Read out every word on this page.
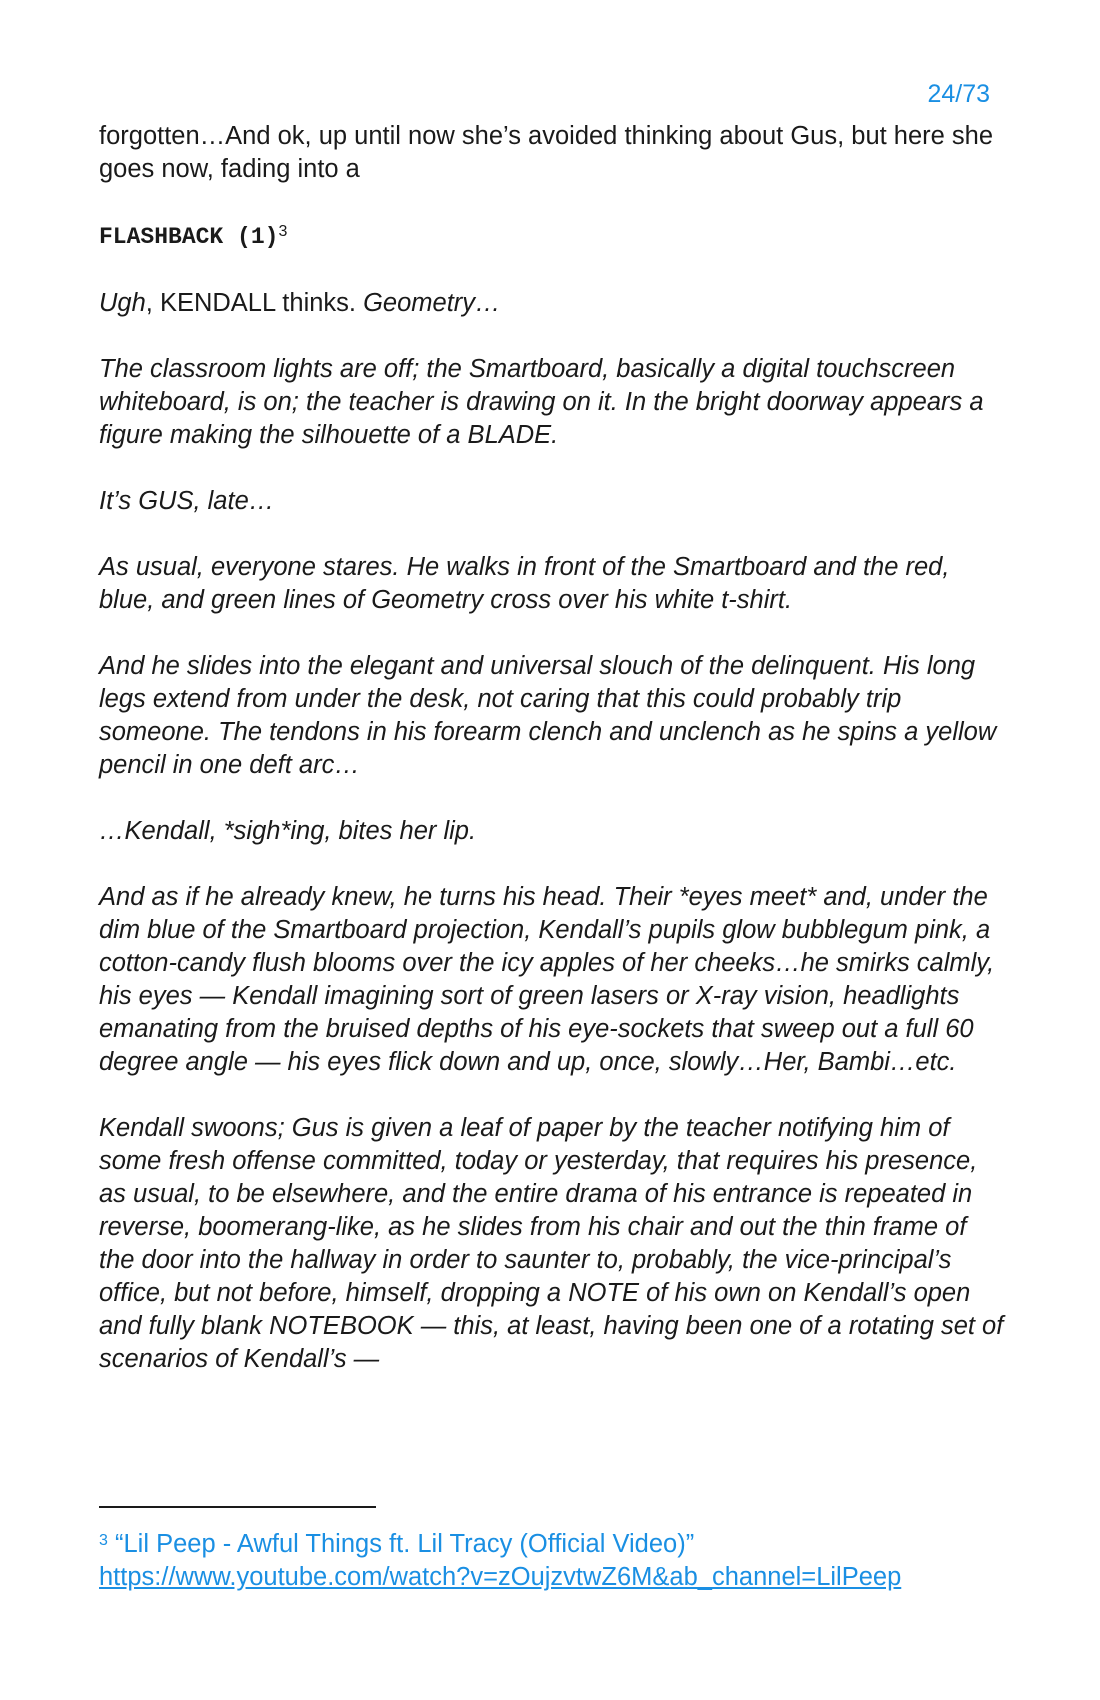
24/73

forgotten…And ok, up until now she’s avoided thinking about Gus, but here she goes now, fading into a

FLASHBACK $(1)^3$

Ugh, KENDALL thinks. Geometry…

The classroom lights are off; the Smartboard, basically a digital touchscreen whiteboard, is on; the teacher is drawing on it. In the bright doorway appears a figure making the silhouette of a BLADE.

It’s GUS, late…

As usual, everyone stares. He walks in front of the Smartboard and the red, blue, and green lines of Geometry cross over his white t-shirt.

And he slides into the elegant and universal slouch of the delinquent. His long legs extend from under the desk, not caring that this could probably trip someone. The tendons in his forearm clench and unclench as he spins a yellow pencil in one deft arc…

…Kendall, *sigh*ing, bites her lip.

And as if he already knew, he turns his head. Their *eyes meet* and, under the dim blue of the Smartboard projection, Kendall’s pupils glow bubblegum pink, a cotton-candy flush blooms over the icy apples of her cheeks…he smirks calmly, his eyes — Kendall imagining sort of green lasers or X-ray vision, headlights emanating from the bruised depths of his eye-sockets that sweep out a full 60 degree angle — his eyes flick down and up, once, slowly…Her, Bambi…etc.

Kendall swoons; Gus is given a leaf of paper by the teacher notifying him of some fresh offense committed, today or yesterday, that requires his presence, as usual, to be elsewhere, and the entire drama of his entrance is repeated in reverse, boomerang-like, as he slides from his chair and out the thin frame of the door into the hallway in order to saunter to, probably, the vice-principal’s office, but not before, himself, dropping a NOTE of his own on Kendall’s open and fully blank NOTEBOOK — this, at least, having been one of a rotating set of scenarios of Kendall’s —

$^3$ “Lil Peep - Awful Things ft. Lil Tracy (Official Video)” https://www.youtube.com/watch?v=zOujzvtwZ6M&ab_channel=LilPeep
